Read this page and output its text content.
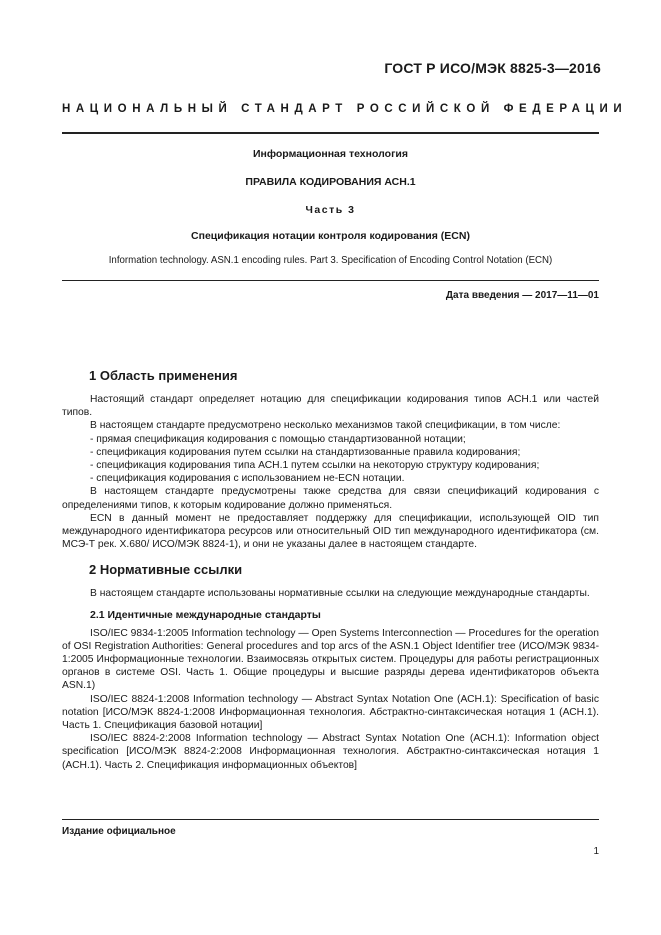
ГОСТ Р ИСО/МЭК 8825-3—2016
НАЦИОНАЛЬНЫЙ СТАНДАРТ РОССИЙСКОЙ ФЕДЕРАЦИИ
Информационная технология
ПРАВИЛА КОДИРОВАНИЯ АСН.1
Часть 3
Спецификация нотации контроля кодирования (ECN)
Information technology. ASN.1 encoding rules. Part 3. Specification of Encoding Control Notation (ECN)
Дата введения — 2017—11—01
1 Область применения

Настоящий стандарт определяет нотацию для спецификации кодирования типов АСН.1 или частей типов.

В настоящем стандарте предусмотрено несколько механизмов такой спецификации, в том числе:

- прямая спецификация кодирования с помощью стандартизованной нотации;

- спецификация кодирования путем ссылки на стандартизованные правила кодирования;

- спецификация кодирования типа АСН.1 путем ссылки на некоторую структуру кодирования;

- спецификация кодирования с использованием не-ECN нотации.

В настоящем стандарте предусмотрены также средства для связи спецификаций кодирования с определениями типов, к которым кодирование должно применяться.

ECN в данный момент не предоставляет поддержку для спецификации, использующей OID тип международного идентификатора ресурсов или относительный OID тип международного идентификатора (см. МСЭ-Т рек. X.680/ ИСО/МЭК 8824-1), и они не указаны далее в настоящем стандарте.

2 Нормативные ссылки

В настоящем стандарте использованы нормативные ссылки на следующие международные стандарты.

2.1 Идентичные международные стандарты

ISO/IEC 9834-1:2005 Information technology — Open Systems Interconnection — Procedures for the operation of OSI Registration Authorities: General procedures and top arcs of the ASN.1 Object Identifier tree (ИСО/МЭК 9834-1:2005 Информационные технологии. Взаимосвязь открытых систем. Процедуры для работы регистрационных органов в системе OSI. Часть 1. Общие процедуры и высшие разряды дерева идентификаторов объекта ASN.1)

ISO/IEC 8824-1:2008 Information technology — Abstract Syntax Notation One (АСН.1): Specification of basic notation [ИСО/МЭК 8824-1:2008 Информационная технология. Абстрактно-синтаксическая нотация 1 (АСН.1). Часть 1. Спецификация базовой нотации]

ISO/IEC 8824-2:2008 Information technology — Abstract Syntax Notation One (АСН.1): Information object specification [ИСО/МЭК 8824-2:2008 Информационная технология. Абстрактно-синтаксическая нотация 1 (АСН.1). Часть 2. Спецификация информационных объектов]

Издание официальное
1
